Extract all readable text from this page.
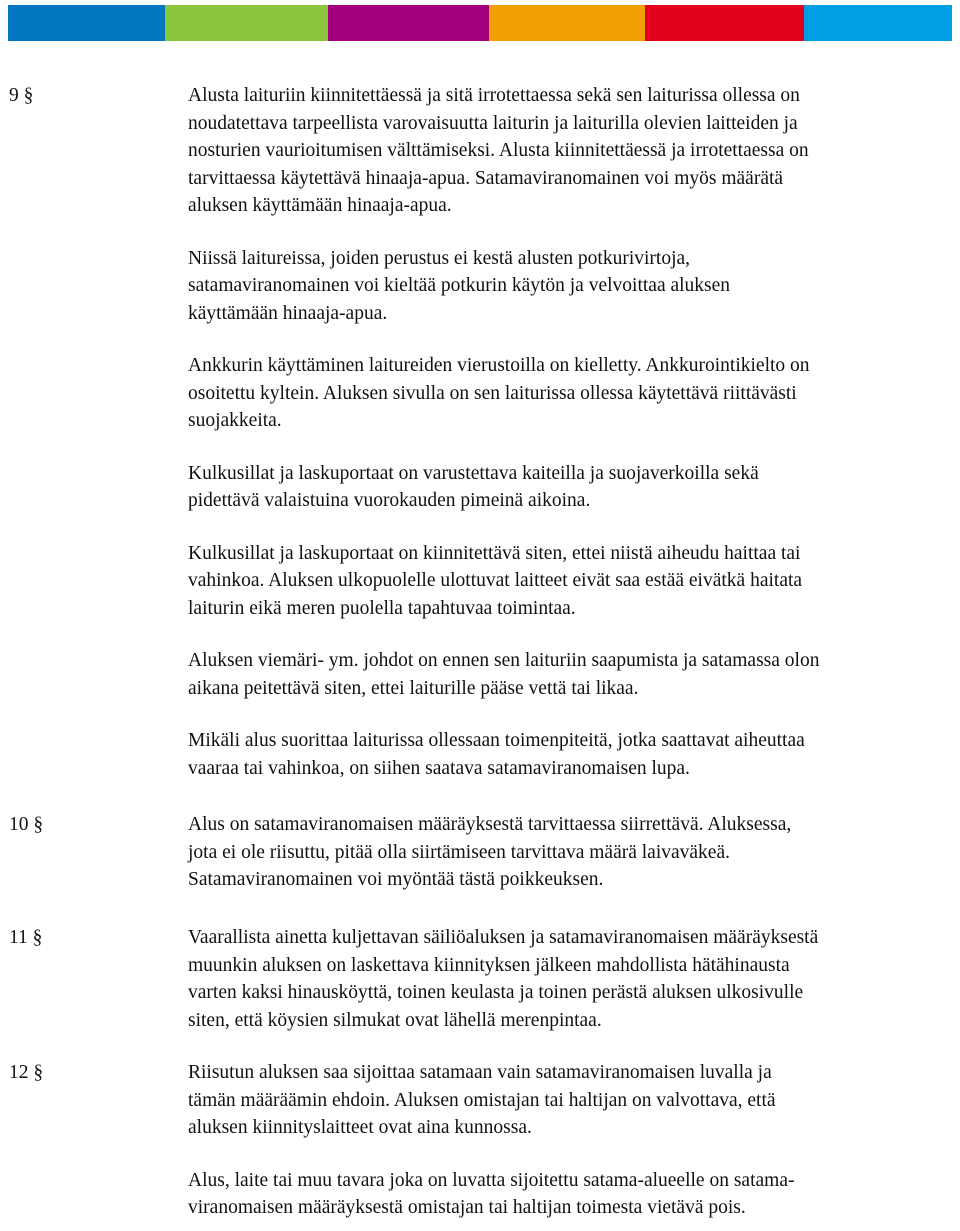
9 §	Alusta laituriin kiinnitettäessä ja sitä irrotettaessa sekä sen laiturissa ollessa on
noudatettava tarpeellista varovaisuutta laiturin ja laiturilla olevien laitteiden ja
nosturien vaurioitumisen välttämiseksi. Alusta kiinnitettäessä ja irrotettaessa on
tarvittaessa käytettävä hinaaja-apua. Satamaviranomainen voi myös määrätä
aluksen käyttämään hinaaja-apua.

Niissä laitureissa, joiden perustus ei kestä alusten potkurivirtoja,
satamaviranomainen voi kieltää potkurin käytön ja velvoittaa aluksen
käyttämään hinaaja-apua.

Ankkurin käyttäminen laitureiden vierustoilla on kielletty. Ankkurointikielto on
osoitettu kyltein. Aluksen sivulla on sen laiturissa ollessa käytettävä riittävästi
suojakkeita.

Kulkusillat ja laskuportaat on varustettava kaiteilla ja suojaverkoilla sekä
pidettävä valaistuina vuorokauden pimeinä aikoina.

Kulkusillat ja laskuportaat on kiinnitettävä siten, ettei niistä aiheudu haittaa tai
vahinkoa. Aluksen ulkopuolelle ulottuvat laitteet eivät saa estää eivätkä haitata
laiturin eikä meren puolella tapahtuvaa toimintaa.

Aluksen viemäri- ym. johdot on ennen sen laituriin saapumista ja satamassa olon
aikana peitettävä siten, ettei laiturille pääse vettä tai likaa.

Mikäli alus suorittaa laiturissa ollessaan toimenpiteitä, jotka saattavat aiheuttaa
vaaraa tai vahinkoa, on siihen saatava satamaviranomaisen lupa.

10 §	Alus on satamaviranomaisen määräyksestä tarvittaessa siirrettävä. Aluksessa,
jota ei ole riisuttu, pitää olla siirtämiseen tarvittava määrä laivaväkeä.
Satamaviranomainen voi myöntää tästä poikkeuksen.

11 §	Vaarallista ainetta kuljettavan säiliöaluksen ja satamaviranomaisen määräyksestä
muunkin aluksen on laskettava kiinnityksen jälkeen mahdollista hätähinausta
varten kaksi hinausköyttä, toinen keulasta ja toinen perästä aluksen ulkosivulle
siten, että köysien silmukat ovat lähellä merenpintaa.

12 §	Riisutun aluksen saa sijoittaa satamaan vain satamaviranomaisen luvalla ja
tämän määräämin ehdoin. Aluksen omistajan tai haltijan on valvottava, että
aluksen kiinnityslaitteet ovat aina kunnossa.

Alus, laite tai muu tavara joka on luvatta sijoitettu satama-alueelle on satama-
viranomaisen määräyksestä omistajan tai haltijan toimesta vietävä pois.
